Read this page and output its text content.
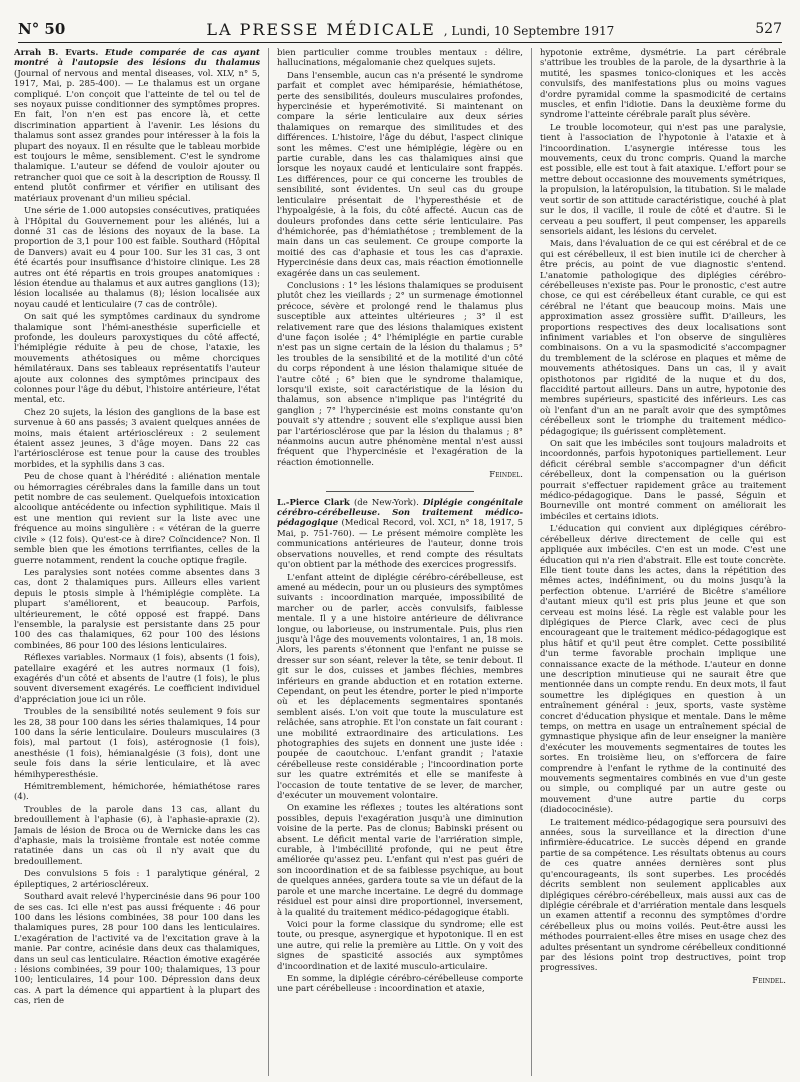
N° 50	LA PRESSE MÉDICALE , Lundi, 10 Septembre 1917	527

Arrah B. Evarts. Etude comparée de cas ayant montré à l'autopsie des lésions du thalamus (Journal of nervous and mental diseases, vol. XLV, n° 5, 1917, Mai, p. 285-400). — Le thalamus est un organe compliqué. L'on conçoit que l'atteinte de tel ou tel de ses noyaux puisse conditionner des symptômes propres. En fait, l'on n'en est pas encore là, et cette discrimination appartient à l'avenir. Les lésions du thalamus sont assez grandes pour intéresser à la fois la plupart des noyaux. Il en résulte que le tableau morbide est toujours le même, sensiblement. C'est le syndrome thalamique. L'auteur se défend de vouloir ajouter ou retrancher quoi que ce soit à la description de Roussy. Il entend plutôt confirmer et vérifier en utilisant des matériaux provenant d'un milieu spécial.

Une série de 1.000 autopsies consécutives, pratiquées à l'Hôpital du Gouvernement pour les aliénés, lui a donné 31 cas de lésions des noyaux de la base. La proportion de 3,1 pour 100 est faible. Southard (Hôpital de Danvers) avait eu 4 pour 100. Sur les 31 cas, 3 ont été écartés pour insuffisance d'histoire clinique. Les 28 autres ont été répartis en trois groupes anatomiques : lésion étendue au thalamus et aux autres ganglions (13); lésion localisée au thalamus (8); lésion localisée aux noyau caudé et lenticulaire (7 cas de contrôle).

On sait qué les symptômes cardinaux du syndrome thalamique sont l'hémi-anesthésie superficielle et profonde, les douleurs paroxystiques du côté affecté, l'hémiplégie réduite à peu de chose, l'ataxie, les mouvements athétosiques ou même chorciques hémilatéraux. Dans ses tableaux représentatifs l'auteur ajoute aux colonnes des symptômes principaux des colonnes pour l'âge du début, l'histoire antérieure, l'état mental, etc.

Chez 20 sujets, la lésion des ganglions de la base est survenue à 60 ans passés; 3 avaient quelques années de moins, mais étaient artérioscléreux : 2 seulement étaient assez jeunes, 3 d'âge moyen. Dans 22 cas l'artériosclérose est tenue pour la cause des troubles morbides, et la syphilis dans 3 cas.

Peu de chose quant à l'hérédité : aliénation mentale ou hémorragies cérébrales dans la famille dans un tout petit nombre de cas seulement. Quelquefois intoxication alcoolique antécédente ou infection syphilitique. Mais il est une mention qui revient sur la liste avec une fréquence au moins singulière : « vétéran de la guerre civile » (12 fois). Qu'est-ce à dire? Coïncidence? Non. Il semble bien que les émotions terrifiantes, celles de la guerre notamment, rendent la couche optique fragile.

Les paralysies sont notées comme absentes dans 3 cas, dont 2 thalamiques purs. Ailleurs elles varient depuis le ptosis simple à l'hémiplégie complète. La plupart s'améliorent, et beaucoup. Parfois, ultérieurement, le côté opposé est frappé. Dans l'ensemble, la paralysie est persistante dans 25 pour 100 des cas thalamiques, 62 pour 100 des lésions combinées, 86 pour 100 des lésions lenticulaires.

Réflexes variables. Normaux (1 fois), absents (1 fois), patellaire exagéré et les autres normaux (1 fois), exagérés d'un côté et absents de l'autre (1 fois), le plus souvent diversement exagérés. Le coefficient individuel d'appréciation joue ici un rôle.

Troubles de la sensibilité notés seulement 9 fois sur les 28, 38 pour 100 dans les séries thalamiques, 14 pour 100 dans la série lenticulaire. Douleurs musculaires (3 fois), mal partout (1 fois), astérognosie (1 fois), anesthésie (1 fois), hémianalgésie (3 fois), dont une seule fois dans la série lenticulaire, et là avec hémihyperesthésie.

Hémitremblement, hémichorée, hémiathétose rares (4).

Troubles de la parole dans 13 cas, allant du bredouillement à l'aphasie (6), à l'aphasie-apraxie (2). Jamais de lésion de Broca ou de Wernicke dans les cas d'aphasie, mais la troisième frontale est notée comme ratatinée dans un cas où il n'y avait que du bredouillement.

Des convulsions 5 fois : 1 paralytique général, 2 épileptiques, 2 artérioscléreux.

Southard avait relevé l'hypercinésie dans 96 pour 100 de ses cas. Ici elle n'est pas aussi fréquente : 46 pour 100 dans les lésions combinées, 38 pour 100 dans les thalamiques pures, 28 pour 100 dans les lenticulaires. L'exagération de l'activité va de l'excitation grave à la manie. Par contre, acinésie dans deux cas thalamiques, dans un seul cas lenticulaire. Réaction émotive exagérée : lésions combinées, 39 pour 100; thalamiques, 13 pour 100; lenticulaires, 14 pour 100. Dépression dans deux cas. A part la démence qui appartient à la plupart des cas, rien de

bien particulier comme troubles mentaux : délire, hallucinations, mégalomanie chez quelques sujets.

Dans l'ensemble, aucun cas n'a présenté le syndrome parfait et complet avec hémiparésie, hémiathétose, perte des sensibilités, douleurs musculaires profondes, hypercinésie et hyperémotivité. Si maintenant on compare la série lenticulaire aux deux séries thalamiques on remarque des similitudes et des différences. L'histoire, l'âge du début, l'aspect clinique sont les mêmes. C'est une hémiplégie, légère ou en partie curable, dans les cas thalamiques ainsi que lorsque les noyaux caudé et lenticulaire sont frappés. Les différences, pour ce qui concerne les troubles de sensibilité, sont évidentes. Un seul cas du groupe lenticulaire présentait de l'hyperesthésie et de l'hypoalgésie, à la fois, du côté affecté. Aucun cas de douleurs profondes dans cette série lenticulaire. Pas d'hémichorée, pas d'hémiathétose ; tremblement de la main dans un cas seulement. Ce groupe comporte la moitié des cas d'aphasie et tous les cas d'apraxie. Hypercinésie dans deux cas, mais réaction émotionnelle exagérée dans un cas seulement.

Conclusions : 1° les lésions thalamiques se produisent plutôt chez les vieillards ; 2° un surmenage émotionnel précoce, sévère et prolongé rend le thalamus plus susceptible aux atteintes ultérieures ; 3° il est relativement rare que des lésions thalamiques existent d'une façon isolée ; 4° l'hémiplégie en partie curable n'est pas un signe certain de la lésion du thalamus ; 5° les troubles de la sensibilité et de la motilité d'un côté du corps répondent à une lésion thalamique située de l'autre côté ; 6° bien que le syndrome thalamique, lorsqu'il existe, soit caractéristique de la lésion du thalamus, son absence n'implique pas l'intégrité du ganglion ; 7° l'hypercinésie est moins constante qu'on pouvait s'y attendre ; souvent elle s'explique aussi bien par l'artériosclérose que par la lésion du thalamus ; 8° néanmoins aucun autre phénomène mental n'est aussi fréquent que l'hypercinésie et l'exagération de la réaction émotionnelle.

Feindel.

L.-Pierce Clark (de New-York). Diplégie congénitale cérébro-cérébelleuse. Son traitement médico-pédagogique (Medical Record, vol. XCI, n° 18, 1917, 5 Mai, p. 751-760). — Le présent mémoire complète les communications antérieures de l'auteur, donne trois observations nouvelles, et rend compte des résultats qu'on obtient par la méthode des exercices progressifs.

L'enfant atteint de diplégie cérébro-cérébelleuse, est amené au médecin, pour un ou plusieurs des symptômes suivants : incoordination marquée, impossibilité de marcher ou de parler, accès convulsifs, faiblesse mentale. Il y a une histoire antérieure de délivrance longue, ou laborieuse, ou instrumentale. Puis, plus rien jusqu'à l'âge des mouvements volontaires, 1 an, 18 mois. Alors, les parents s'étonnent que l'enfant ne puisse se dresser sur son séant, relever la tête, se tenir debout. Il git sur le dos, cuisses et jambes fléchies, membres inférieurs en grande abduction et en rotation externe. Cependant, on peut les étendre, porter le pied n'importe où et les déplacements segmentaires spontanés semblent aisés. L'on voit que toute la musculature est relâchée, sans atrophie. Et l'on constate un fait courant : une mobilité extraordinaire des articulations. Les photographies des sujets en donnent une juste idée : poupée de caoutchouc. L'enfant grandit ; l'ataxie cérébelleuse reste considérable ; l'incoordination porte sur les quatre extrémités et elle se manifeste à l'occasion de toute tentative de se lever, de marcher, d'exécuter un mouvement volontaire.

On examine les réflexes ; toutes les altérations sont possibles, depuis l'exagération jusqu'à une diminution voisine de la perte. Pas de clonus; Babinski présent ou absent. Le déficit mental varie de l'arriération simple, curable, à l'imbécillité profonde, qui ne peut être améliorée qu'assez peu. L'enfant qui n'est pas guéri de son incoordination et de sa faiblesse psychique, au bout de quelques années, gardera toute sa vie un défaut de la parole et une marche incertaine. Le degré du dommage résiduel est pour ainsi dire proportionnel, inversement, à la qualité du traitement médico-pédagogique établi.

Voici pour la forme classique du syndrome; elle est toute, ou presque, asynergique et hypotonique. Il en est une autre, qui relie la première au Little. On y voit des signes de spasticité associés aux symptômes d'incoordination et de laxité musculo-articulaire.

En somme, la diplégie cérébro-cérébelleuse comporte une part cérébelleuse : incoordination et ataxie,

hypotonie extrême, dysmétrie. La part cérébrale s'attribue les troubles de la parole, de la dysarthrie à la mutité, les spasmes tonico-cloniques et les accès convulsifs, des manifestations plus ou moins vagues d'ordre pyramidal comme la spasmodicité de certains muscles, et enfin l'idiotie. Dans la deuxième forme du syndrome l'atteinte cérébrale paraît plus sévère.

Le trouble locomoteur, qui n'est pas une paralysie, tient à l'association de l'hypotonie à l'ataxie et à l'incoordination. L'asynergie intéresse tous les mouvements, ceux du tronc compris. Quand la marche est possible, elle est tout à fait ataxique. L'effort pour se mettre debout occasionne des mouvements symétriques, la propulsion, la latéropulsion, la titubation. Si le malade veut sortir de son attitude caractéristique, couché à plat sur le dos, il vacille, il roule de côté et d'autre. Si le cerveau a peu souffert, il peut compenser, les appareils sensoriels aidant, les lésions du cervelet.

Mais, dans l'évaluation de ce qui est cérébral et de ce qui est cérébelleux, il est bien inutile ici de chercher à être précis, au point de vue diagnostic s'entend. L'anatomie pathologique des diplégies cérébro-cérébelleuses n'existe pas. Pour le pronostic, c'est autre chose, ce qui est cérébelleux étant curable, ce qui est cérébral ne l'étant que beaucoup moins. Mais une approximation assez grossière suffit. D'ailleurs, les proportions respectives des deux localisations sont infiniment variables et l'on observe de singulières combinaisons. On a vu la spasmodicité s'accompagner du tremblement de la sclérose en plaques et même de mouvements athétosiques. Dans un cas, il y avait opisthotonos par rigidité de la nuque et du dos, flaccidité partout ailleurs. Dans un autre, hypotonie des membres supérieurs, spasticité des inférieurs. Les cas où l'enfant d'un an ne paraît avoir que des symptômes cérébelleux sont le triomphe du traitement médico-pédagogique; ils guérissent complètement.

On sait que les imbéciles sont toujours maladroits et incoordonnés, parfois hypotoniques partiellement. Leur déficit cérébral semble s'accompagner d'un déficit cérébelleux, dont la compensation ou la guérison pourrait s'effectuer rapidement grâce au traitement médico-pédagogique. Dans le passé, Séguin et Bourneville ont montré comment on améliorait les imbéciles et certains idiots.

L'éducation qui convient aux diplégiques cérébro-cérébelleux dérive directement de celle qui est appliquée aux imbéciles. C'en est un mode. C'est une éducation qui n'a rien d'abstrait. Elle est toute concrète. Elle tient toute dans les actes, dans la répétition des mêmes actes, indéfiniment, ou du moins jusqu'à la perfection obtenue. L'arriéré de Bicêtre s'améliore d'autant mieux qu'il est pris plus jeune et que son cerveau est moins lésé. La règle est valable pour les diplégiques de Pierce Clark, avec ceci de plus encourageant que le traitement médico-pédagogique est plus hâtif et qu'il peut être complet. Cette possibilité d'un terme favorable prochain implique une connaissance exacte de la méthode. L'auteur en donne une description minutieuse qui ne saurait être que mentionnée dans un compte rendu. En deux mots, il faut soumettre les diplégiques en question à un entraînement général : jeux, sports, vaste système concret d'éducation physique et mentale. Dans le même temps, on mettra en usage un entraînement spécial de gymnastique physique afin de leur enseigner la manière d'exécuter les mouvements segmentaires de toutes les sortes. En troisième lieu, on s'efforcera de faire comprendre à l'enfant le rythme de la continuité des mouvements segmentaires combinés en vue d'un geste ou simple, ou compliqué par un autre geste ou mouvement d'une autre partie du corps (diadococinésie).

Le traitement médico-pédagogique sera poursuivi des années, sous la surveillance et la direction d'une infirmière-éducatrice. Le succès dépend en grande partie de sa compétence. Les résultats obtenus au cours de ces quatre années dernières sont plus qu'encourageants, ils sont superbes. Les procédés décrits semblent non seulement applicables aux diplégiques cérébro-cérébelleux, mais aussi aux cas de diplégie cérébrale et d'arriération mentale dans lesquels un examen attentif a reconnu des symptômes d'ordre cérébelleux plus ou moins voilés. Peut-être aussi les méthodes pourraient-elles être mises en usage chez des adultes présentant un syndrome cérébelleux conditionné par des lésions point trop destructives, point trop progressives.

Feindel.
